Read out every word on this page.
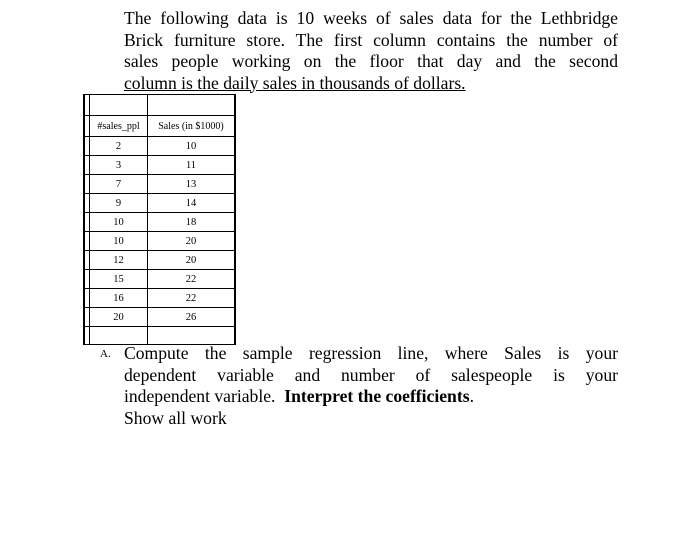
The following data is 10 weeks of sales data for the Lethbridge
Brick furniture store. The first column contains the number of
sales people working on the floor that day and the second
column is the daily sales in thousands of dollars.

	#sales_ppl	Sales (in $1000)
	2	10
	3	11
	7	13
	9	14
	10	18
	10	20
	12	20
	15	22
	16	22
	20	26

A. Compute the sample regression line, where Sales is your
dependent variable and number of salespeople is your
independent variable. Interpret the coefficients.
Show all work
